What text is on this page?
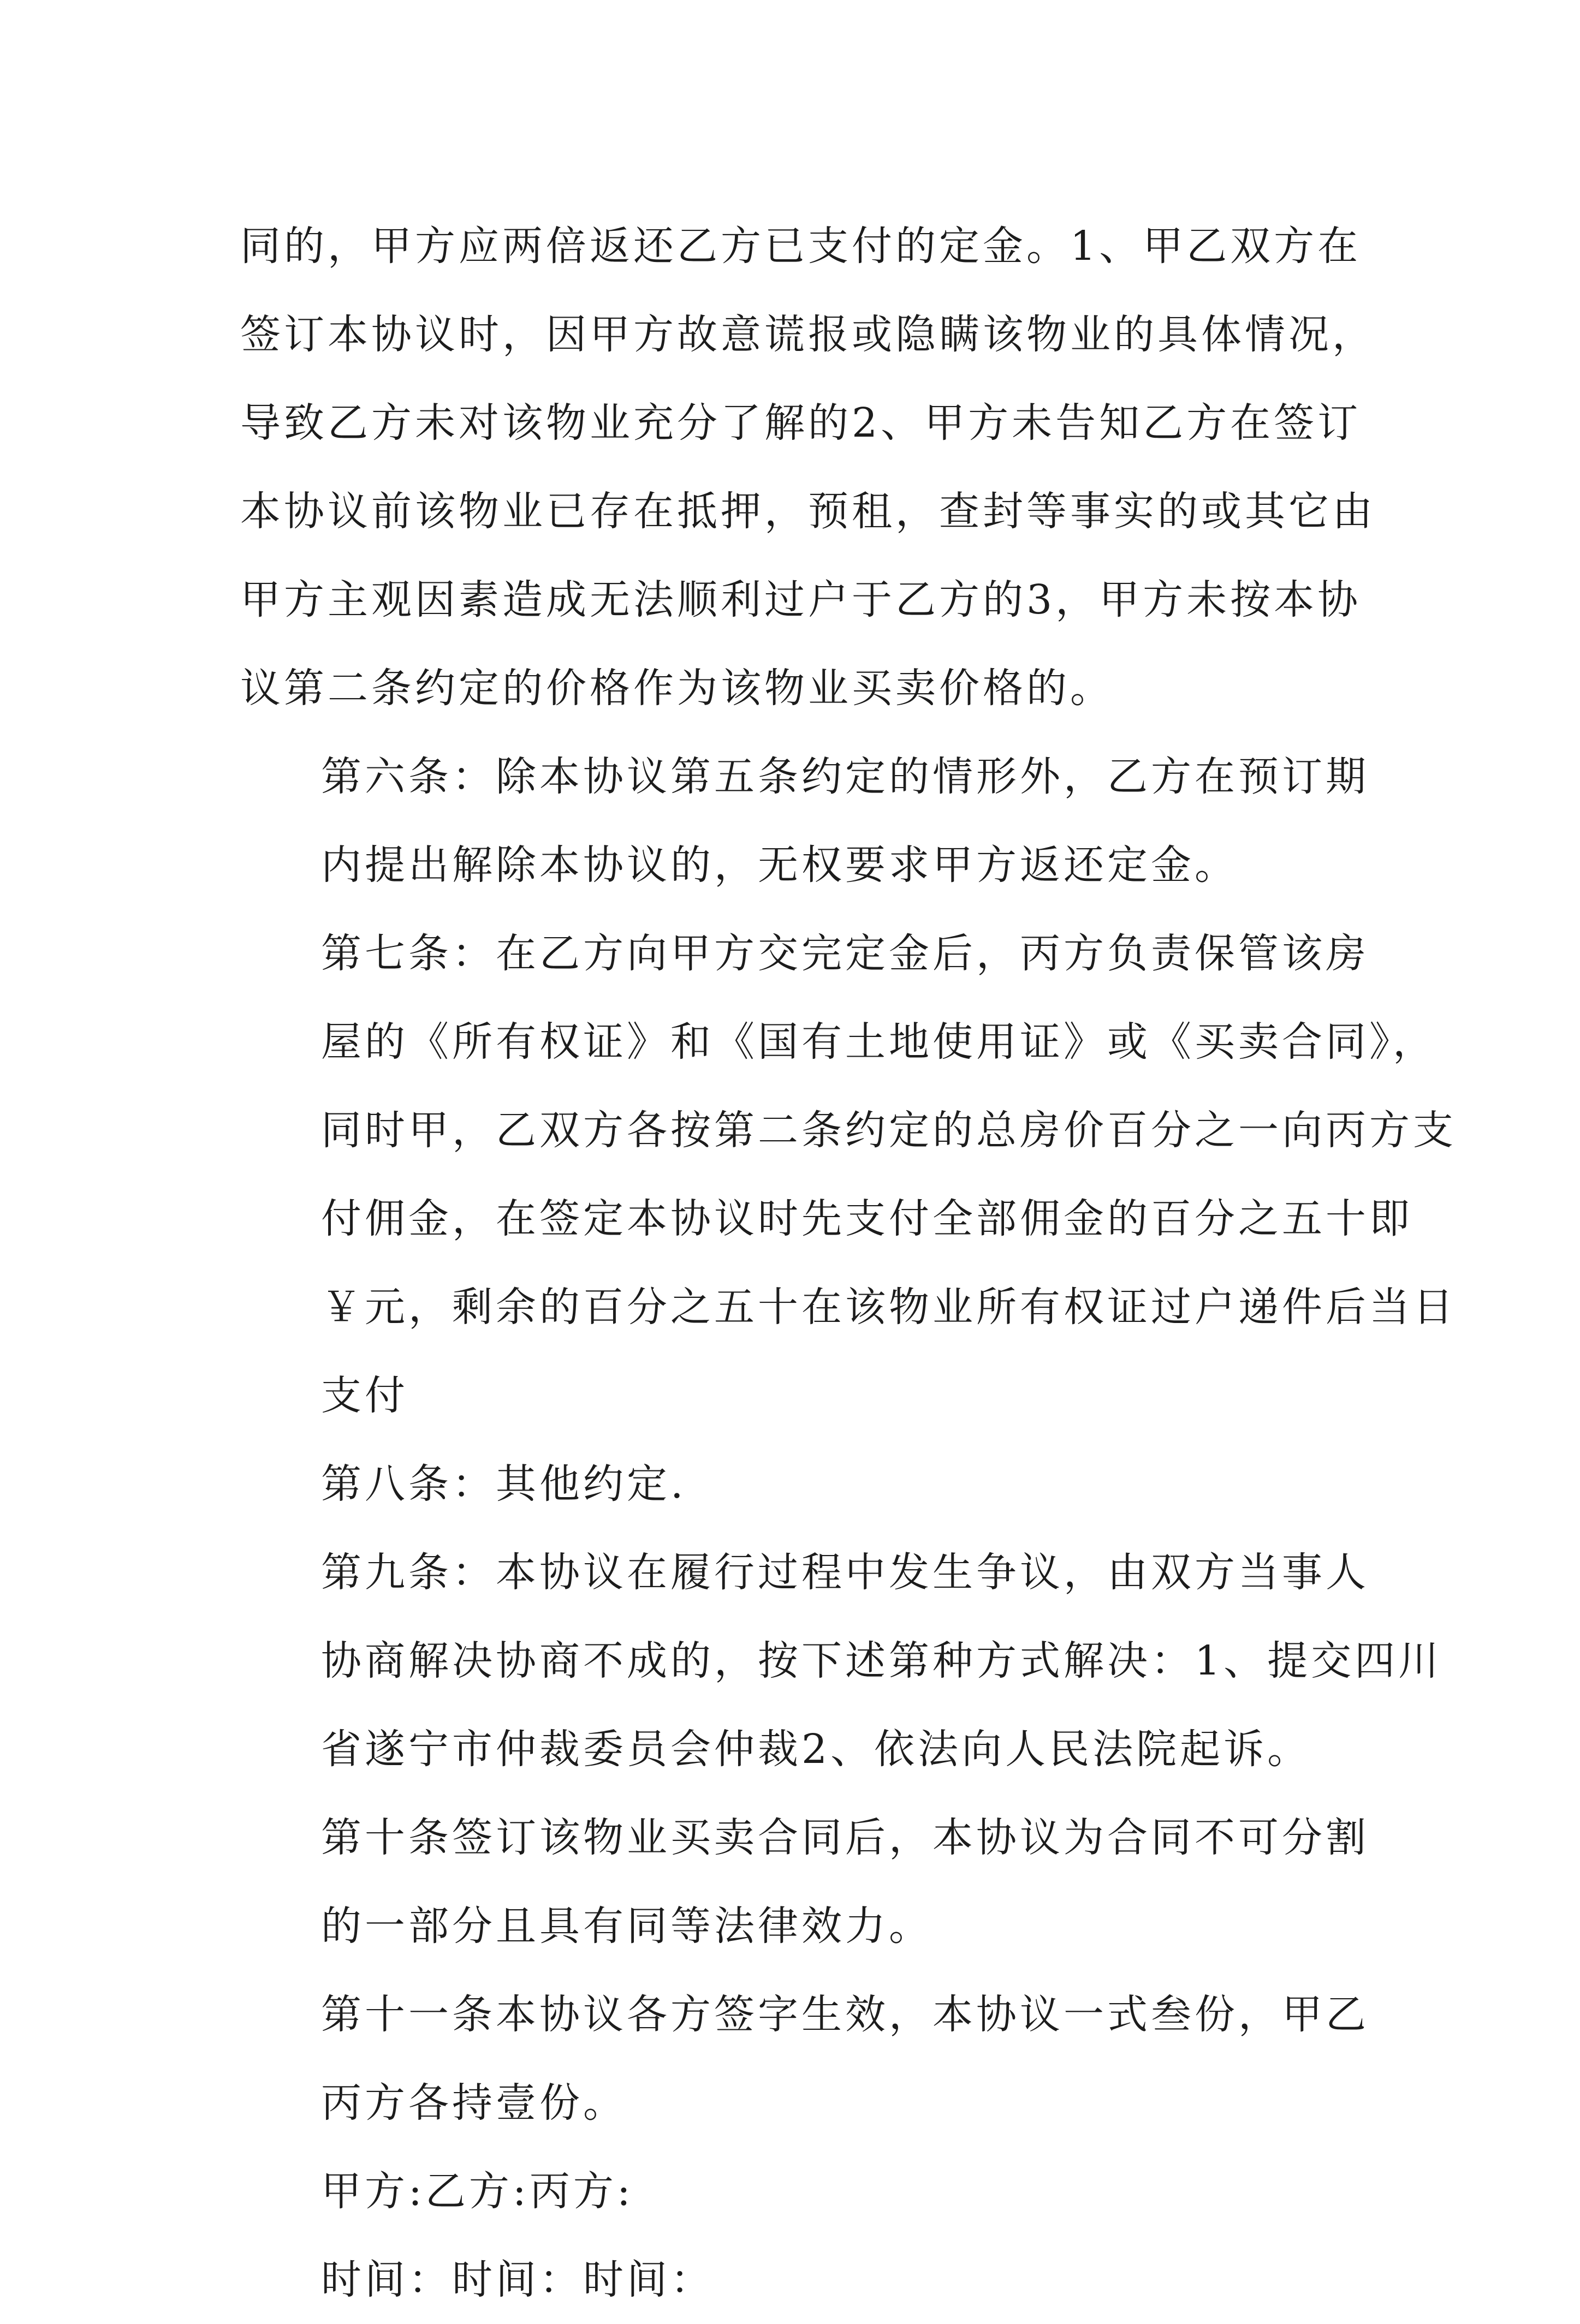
同的，甲方应两倍返还乙方已支付的定金。1、甲乙双方在
签订本协议时，因甲方故意谎报或隐瞒该物业的具体情况，
导致乙方未对该物业充分了解的2、甲方未告知乙方在签订
本协议前该物业已存在抵押，预租，查封等事实的或其它由
甲方主观因素造成无法顺利过户于乙方的3，甲方未按本协
议第二条约定的价格作为该物业买卖价格的。

第六条：除本协议第五条约定的情形外，乙方在预订期
内提出解除本协议的，无权要求甲方返还定金。

第七条：在乙方向甲方交完定金后，丙方负责保管该房
屋的《所有权证》和《国有土地使用证》或《买卖合同》，
同时甲，乙双方各按第二条约定的总房价百分之一向丙方支
付佣金，在签定本协议时先支付全部佣金的百分之五十即
￥元，剩余的百分之五十在该物业所有权证过户递件后当日
支付

第八条：其他约定.

第九条：本协议在履行过程中发生争议，由双方当事人
协商解决协商不成的，按下述第种方式解决：1、提交四川
省遂宁市仲裁委员会仲裁2、依法向人民法院起诉。

第十条签订该物业买卖合同后，本协议为合同不可分割
的一部分且具有同等法律效力。

第十一条本协议各方签字生效，本协议一式叁份，甲乙
丙方各持壹份。

甲方:乙方:丙方:

时间：时间：时间：
